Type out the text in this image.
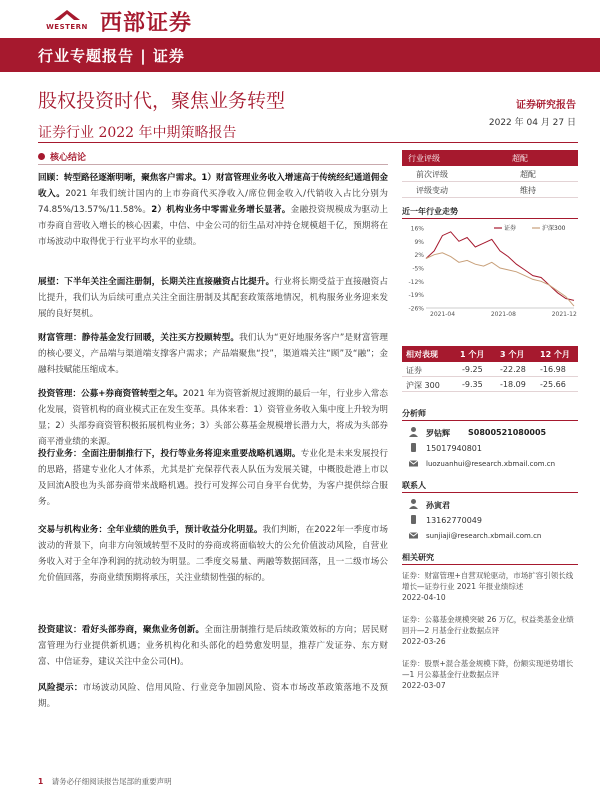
WESTERN 西部证券
行业专题报告 | 证券
股权投资时代，聚焦业务转型
证券行业 2022 年中期策略报告
证券研究报告
2022 年 04 月 27 日
核心结论
回顾：转型路径逐渐明晰，聚焦客户需求。1）财富管理业务收入增速高于传统经纪通道佣金收入。2021 年我们统计国内的上市券商代买净收入/席位佣金收入/代销收入占比分别为 74.85%/13.57%/11.58%。2）机构业务中零需业务增长显著。金融投资规模成为驱动上市券商自营收入增长的核心因素，中信、中金公司的衍生品对冲持仓规模超千亿，预期将在市场波动中取得优于行业平均水平的业绩。
展望：下半年关注全面注册制，长期关注直接融资占比提升。行业将长期受益于直接融资占比提升，我们认为后续可重点关注全面注册制及其配套政策落地情况，机构服务业务迎来发展的良好契机。
财富管理：静待基金发行回暖，关注买方投顾转型。我们认为“更好地服务客户”是财富管理的核心要义，产品端与渠道端支撑客户需求；产品端聚焦“投”，渠道端关注“顾”及“融”；金融科技赋能压缩成本。
投资管理：公募+券商资管转型之年。2021 年为资管新规过渡期的最后一年，行业步入常态化发展，资管机构的商业模式正在发生变革。具体来看：1）资管业务收入集中度上升较为明显；2）头部券商资管积极拓展机构业务；3）头部公募基金规模增长潜力大，将成为头部券商平滑业绩的来源。
投行业务：全面注册制推行下，投行等业务将迎来重要战略机遇期。专业化是未来发展投行的思路，搭建专业化人才体系，尤其是扩充保荐代表人队伍为发展关键，中概股赴港上市以及回流A股也为头部券商带来战略机遇。投行可发挥公司自身平台优势，为客户提供综合服务。
交易与机构业务：全年业绩的胜负手，预计收益分化明显。我们判断，在2022年一季度市场波动的背景下，向非方向领域转型不及时的券商或将面临较大的公允价值波动风险，自营业务收入对于全年净利润的扰动较为明显。二季度交易量、两融等数据回落，且一二级市场公允价值回落，券商业绩预期将承压，关注业绩韧性强的标的。
投资建议：看好头部券商，聚焦业务创新。全面注册制推行是后续政策效标的方向；居民财富管理为行业提供新机遇；业务机构化和头部化的趋势愈发明显，推荐广发证券、东方财富、中信证券，建议关注中金公司(H)。
风险提示：市场波动风险、信用风险、行业竞争加剧风险、资本市场改革政策落地不及预期。
行业评级	超配
前次评级	超配
评级变动	维持
近一年行业走势
16%
9%
2%
-5%
-12%
-19%
-26%
2021-04	2021-08	2021-12
证券	沪深300
相对表现	1 个月 3 个月 12 个月
证券	-9.25 -22.28 -16.98
沪深 300	-9.35 -18.09 -25.66
分析师
罗钻辉 S0800521080005
15017940801
luozuanhui@research.xbmail.com.cn
联系人
孙寅君
13162770049
sunjiaji@research.xbmail.com.cn
相关研究
证券：财富管理+自营双轮驱动，市场扩容引领长线增长—证券行业 2021 年报业绩综述
2022-04-10
证券：公募基金规模突破 26 万亿，权益类基金业绩回升—2 月基金行业数据点评
2022-03-26
证券：股票+混合基金规模下降，份额实现逆势增长—1 月公募基金行业数据点评
2022-03-07
1 请务必仔细阅读报告尾部的重要声明
